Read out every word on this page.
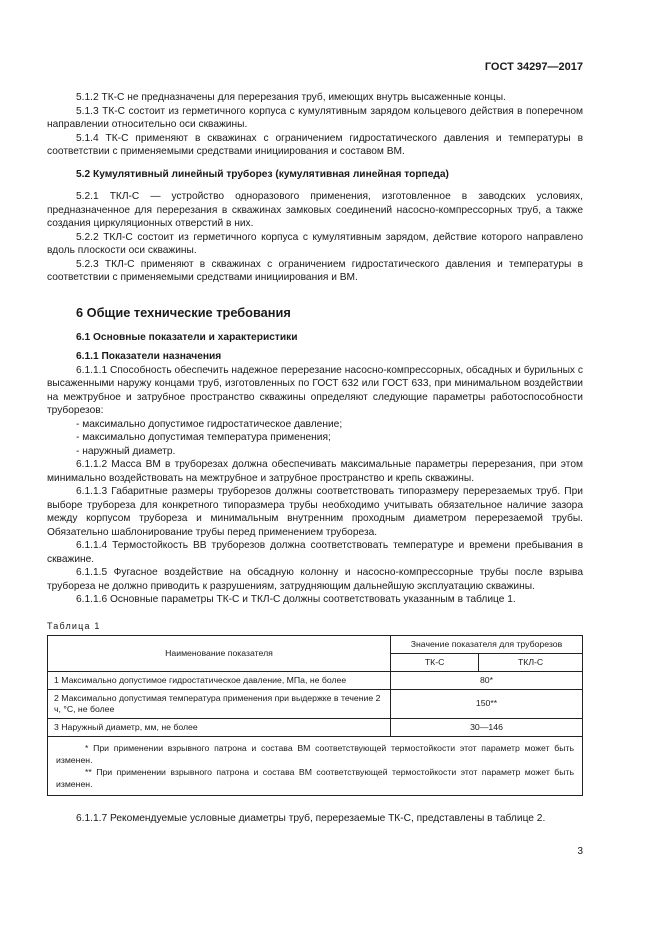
ГОСТ 34297—2017

5.1.2 ТК-С не предназначены для перерезания труб, имеющих внутрь высаженные концы.

5.1.3 ТК-С состоит из герметичного корпуса с кумулятивным зарядом кольцевого действия в поперечном направлении относительно оси скважины.

5.1.4 ТК-С применяют в скважинах с ограничением гидростатического давления и температуры в соответствии с применяемыми средствами инициирования и составом ВМ.

5.2 Кумулятивный линейный труборез (кумулятивная линейная торпеда)

5.2.1 ТКЛ-С — устройство одноразового применения, изготовленное в заводских условиях, предназначенное для перерезания в скважинах замковых соединений насосно-компрессорных труб, а также создания циркуляционных отверстий в них.

5.2.2 ТКЛ-С состоит из герметичного корпуса с кумулятивным зарядом, действие которого направлено вдоль плоскости оси скважины.

5.2.3 ТКЛ-С применяют в скважинах с ограничением гидростатического давления и температуры в соответствии с применяемыми средствами инициирования и ВМ.

6 Общие технические требования

6.1 Основные показатели и характеристики

6.1.1 Показатели назначения

6.1.1.1 Способность обеспечить надежное перерезание насосно-компрессорных, обсадных и бурильных с высаженными наружу концами труб, изготовленных по ГОСТ 632 или ГОСТ 633, при минимальном воздействии на межтрубное и затрубное пространство скважины определяют следующие параметры работоспособности труборезов:

- максимально допустимое гидростатическое давление;

- максимально допустимая температура применения;

- наружный диаметр.

6.1.1.2 Масса ВМ в труборезах должна обеспечивать максимальные параметры перерезания, при этом минимально воздействовать на межтрубное и затрубное пространство и крепь скважины.

6.1.1.3 Габаритные размеры труборезов должны соответствовать типоразмеру перерезаемых труб. При выборе трубореза для конкретного типоразмера трубы необходимо учитывать обязательное наличие зазора между корпусом трубореза и минимальным внутренним проходным диаметром перерезаемой трубы. Обязательно шаблонирование трубы перед применением трубореза.

6.1.1.4 Термостойкость ВВ труборезов должна соответствовать температуре и времени пребывания в скважине.

6.1.1.5 Фугасное воздействие на обсадную колонну и насосно-компрессорные трубы после взрыва трубореза не должно приводить к разрушениям, затрудняющим дальнейшую эксплуатацию скважины.

6.1.1.6 Основные параметры ТК-С и ТКЛ-С должны соответствовать указанным в таблице 1.

Таблица 1

Наименование показателя	Значение показателя для труборезов	
	ТК-С	ТКЛ-С
1 Максимально допустимое гидростатическое давление, МПа, не более	80*	
2 Максимально допустимая температура применения при выдержке в течение 2 ч, °С, не более	150**	
3 Наружный диаметр, мм, не более	30—146	

* При применении взрывного патрона и состава ВМ соответствующей термостойкости этот параметр может быть изменен.

** При применении взрывного патрона и состава ВМ соответствующей термостойкости этот параметр может быть изменен.		

6.1.1.7 Рекомендуемые условные диаметры труб, перерезаемые ТК-С, представлены в таблице 2.

3
